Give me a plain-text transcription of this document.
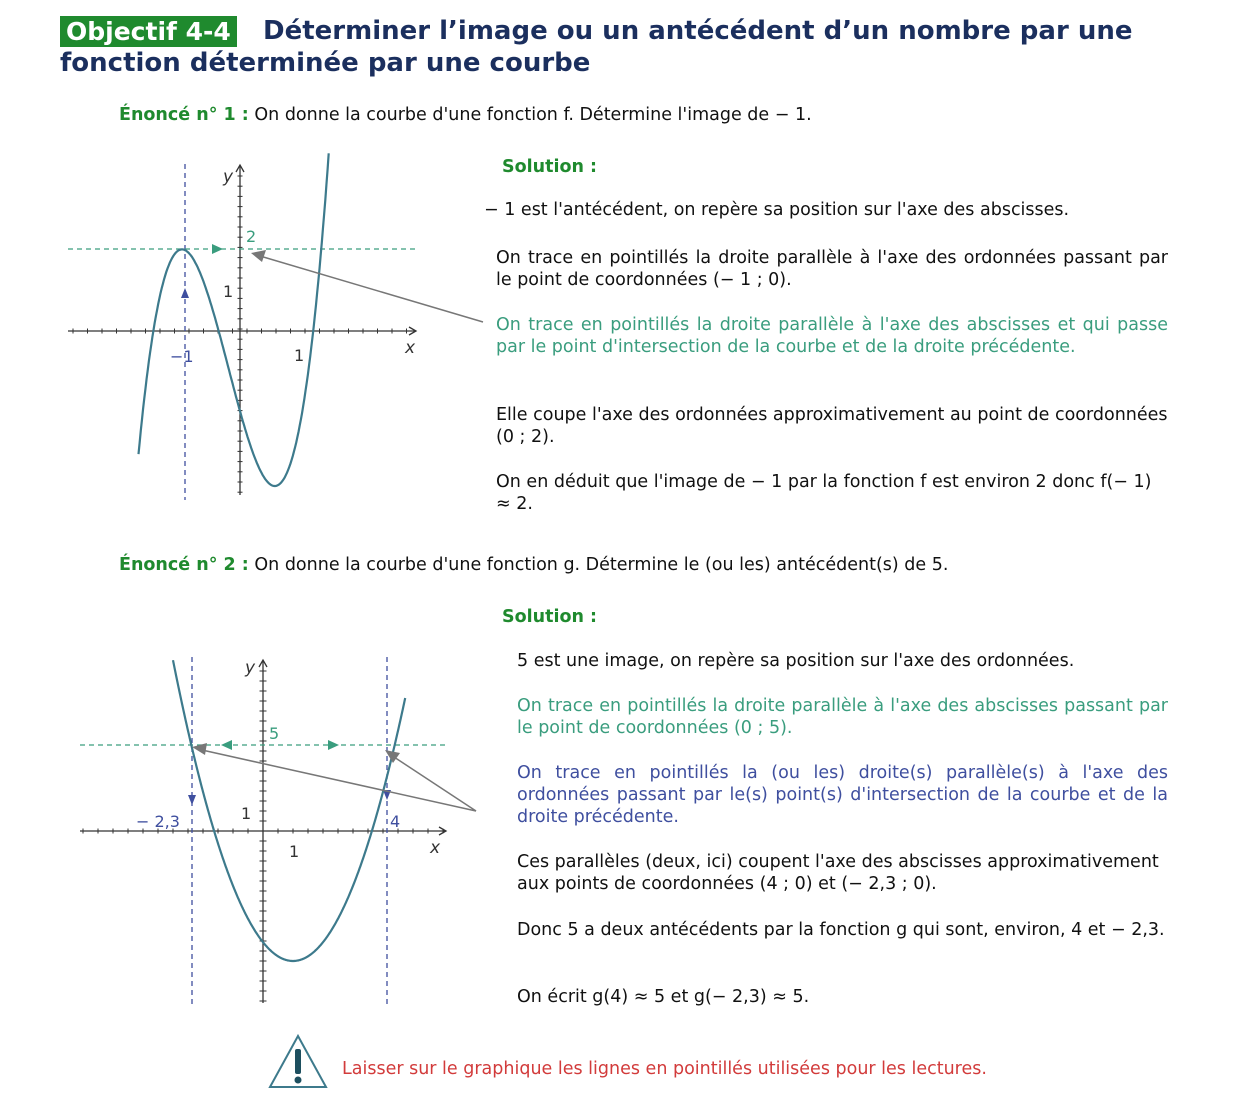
Objectif 4-4 Déterminer l’image ou un antécédent d’un nombre par une
fonction déterminée par une courbe
Énoncé n° 1 : On donne la courbe d'une fonction f. Détermine l'image de − 1.
y
x
1
1
−1
2
Solution :
− 1 est l'antécédent, on repère sa position sur l'axe des abscisses.
On trace en pointillés la droite parallèle à l'axe des ordonnées passant par le point de coordonnées (− 1 ; 0).
On trace en pointillés la droite parallèle à l'axe des abscisses et qui passe par le point d'intersection de la courbe et de la droite précédente.
Elle coupe l'axe des ordonnées approximativement au point de coordonnées (0 ; 2).
On en déduit que l'image de − 1 par la fonction f est environ 2 donc f(− 1) ≈ 2.
Énoncé n° 2 : On donne la courbe d'une fonction g. Détermine le (ou les) antécédent(s) de 5.
y
x
1
1
5
4
− 2,3
Solution :
5 est une image, on repère sa position sur l'axe des ordonnées.
On trace en pointillés la droite parallèle à l'axe des abscisses passant par le point de coordonnées (0 ; 5).
On trace en pointillés la (ou les) droite(s) parallèle(s) à l'axe des ordonnées passant par le(s) point(s) d'intersection de la courbe et de la droite précédente.
Ces parallèles (deux, ici) coupent l'axe des abscisses approximativement aux points de coordonnées (4 ; 0) et (− 2,3 ; 0).
Donc 5 a deux antécédents par la fonction g qui sont, environ, 4 et − 2,3.
On écrit g(4) ≈ 5 et g(− 2,3) ≈ 5.
Laisser sur le graphique les lignes en pointillés utilisées pour les lectures.
